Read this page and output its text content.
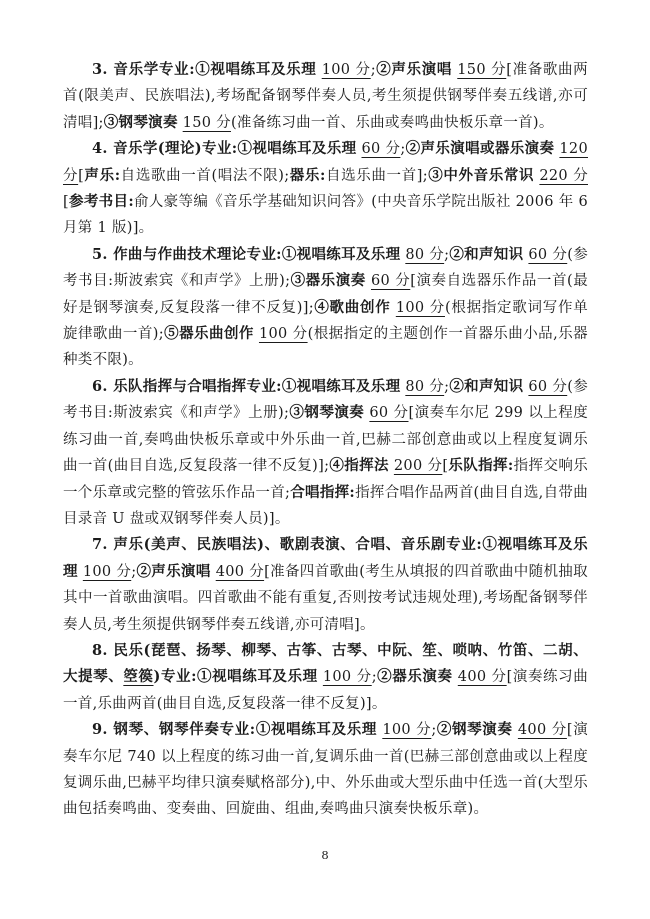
3. 音乐学专业:①视唱练耳及乐理 100 分;②声乐演唱 150 分[准备歌曲两首(限美声、民族唱法),考场配备钢琴伴奏人员,考生须提供钢琴伴奏五线谱,亦可清唱];③钢琴演奏 150 分(准备练习曲一首、乐曲或奏鸣曲快板乐章一首)。

4. 音乐学(理论)专业:①视唱练耳及乐理 60 分;②声乐演唱或器乐演奏 120 分[声乐:自选歌曲一首(唱法不限);器乐:自选乐曲一首];③中外音乐常识 220 分[参考书目:俞人豪等编《音乐学基础知识问答》(中央音乐学院出版社 2006 年 6 月第 1 版)]。

5. 作曲与作曲技术理论专业:①视唱练耳及乐理 80 分;②和声知识 60 分(参考书目:斯波索宾《和声学》上册);③器乐演奏 60 分[演奏自选器乐作品一首(最好是钢琴演奏,反复段落一律不反复)];④歌曲创作 100 分(根据指定歌词写作单旋律歌曲一首);⑤器乐曲创作 100 分(根据指定的主题创作一首器乐曲小品,乐器种类不限)。

6. 乐队指挥与合唱指挥专业:①视唱练耳及乐理 80 分;②和声知识 60 分(参考书目:斯波索宾《和声学》上册);③钢琴演奏 60 分[演奏车尔尼 299 以上程度练习曲一首,奏鸣曲快板乐章或中外乐曲一首,巴赫二部创意曲或以上程度复调乐曲一首(曲目自选,反复段落一律不反复)];④指挥法 200 分[乐队指挥:指挥交响乐一个乐章或完整的管弦乐作品一首;合唱指挥:指挥合唱作品两首(曲目自选,自带曲目录音 U 盘或双钢琴伴奏人员)]。

7. 声乐(美声、民族唱法)、歌剧表演、合唱、音乐剧专业:①视唱练耳及乐理 100 分;②声乐演唱 400 分[准备四首歌曲(考生从填报的四首歌曲中随机抽取其中一首歌曲演唱。四首歌曲不能有重复,否则按考试违规处理),考场配备钢琴伴奏人员,考生须提供钢琴伴奏五线谱,亦可清唱]。

8. 民乐(琵琶、扬琴、柳琴、古筝、古琴、中阮、笙、唢呐、竹笛、二胡、大提琴、箜篌)专业:①视唱练耳及乐理 100 分;②器乐演奏 400 分[演奏练习曲一首,乐曲两首(曲目自选,反复段落一律不反复)]。

9. 钢琴、钢琴伴奏专业:①视唱练耳及乐理 100 分;②钢琴演奏 400 分[演奏车尔尼 740 以上程度的练习曲一首,复调乐曲一首(巴赫三部创意曲或以上程度复调乐曲,巴赫平均律只演奏赋格部分),中、外乐曲或大型乐曲中任选一首(大型乐曲包括奏鸣曲、变奏曲、回旋曲、组曲,奏鸣曲只演奏快板乐章)。

8
